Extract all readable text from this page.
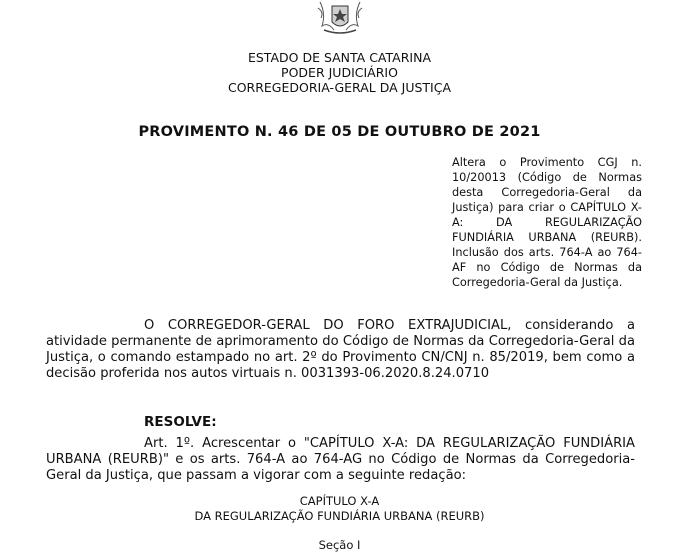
ESTADO DE SANTA CATARINA
PODER JUDICIÁRIO
CORREGEDORIA-GERAL DA JUSTIÇA
PROVIMENTO N. 46 DE 05 DE OUTUBRO DE 2021
Altera o Provimento CGJ n. 10/20013 (Código de Normas desta Corregedoria-Geral da Justiça) para criar o CAPÍTULO X-A: DA REGULARIZAÇÃO FUNDIÁRIA URBANA (REURB). Inclusão dos arts. 764-A ao 764-AF no Código de Normas da Corregedoria-Geral da Justiça.
O CORREGEDOR-GERAL DO FORO EXTRAJUDICIAL, considerando a atividade permanente de aprimoramento do Código de Normas da Corregedoria-Geral da Justiça, o comando estampado no art. 2º do Provimento CN/CNJ n. 85/2019, bem como a decisão proferida nos autos virtuais n. 0031393-06.2020.8.24.0710
RESOLVE:
Art. 1º. Acrescentar o "CAPÍTULO X-A: DA REGULARIZAÇÃO FUNDIÁRIA URBANA (REURB)" e os arts. 764-A ao 764-AG no Código de Normas da Corregedoria-Geral da Justiça, que passam a vigorar com a seguinte redação:
CAPÍTULO X-A
DA REGULARIZAÇÃO FUNDIÁRIA URBANA (REURB)
Seção I
